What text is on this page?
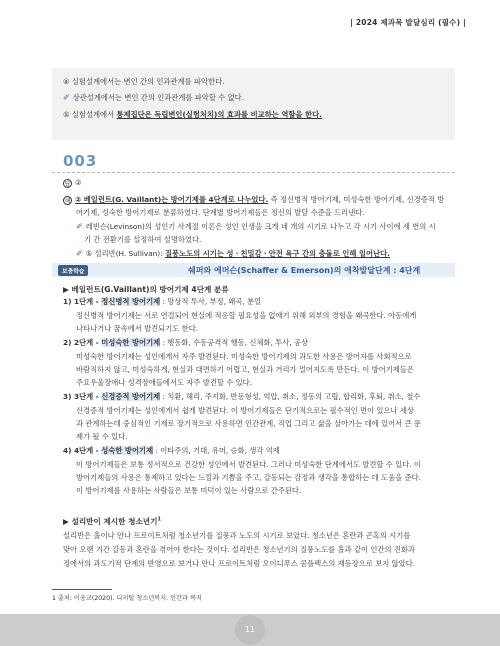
| 2024 제과목 발달심리 (필수) |
④ 실험설계에서는 변인 간의 인과관계를 파악한다.
✐ 상관설계에서는 변인 간의 인과관계를 파악할 수 없다.
⑤ 실험설계에서 통제집단은 독립변인(실험처치)의 효과를 비교하는 역할을 한다.
003
답 ②
해 ② 베일런트(G. Vaillant)는 방어기제를 4단계로 나누었다. 즉 정신병적 방어기제, 미성숙한 방어기제, 신경증적 방
어기제, 성숙한 방어기제로 분류하였다. 단계별 방어기제들은 정신의 발달 수준을 드러낸다.
✐ 레빈슨(Levinson)의 성인기 사계절 이론은 성인 인생을 크게 네 개의 시기로 나누고 각 시기 사이에 세 번의 시
기 간 전환기를 설정하여 설명하였다.
✐ ⑤ 설리반(H. Sullivan): 질풍노도의 시기는 성ㆍ친밀감ㆍ안전 욕구 간의 충돌로 인해 일어난다.
보충학습	쉐퍼와 에머슨(Schaffer & Emerson)의 애착발달단계 : 4단계
▶ 베일런트(G.Vaillant)의 방어기제 4단계 분류
1) 1단계 - 정신병적 방어기제 : 망상적 투사, 부정, 왜곡, 분열
정신병적 방어기제는 서로 연결되어 현실에 적응할 필요성을 없애기 위해 외부의 경험을 왜곡한다. 아동에게
나타나거나 꿈속에서 발견되기도 한다.
2) 2단계 - 미성숙한 방어기제 : 행동화, 수동공격적 행동, 신체화, 투사, 공상
미성숙한 방어기제는 성인에게서 자주 발견된다. 미성숙한 방어기제의 과도한 사용은 방어자를 사회적으로
바람직하지 않고, 미성숙하게, 현실과 대면하기 어렵고, 현실과 거리가 멀어지도록 만든다. 이 방어기제들은
주요우울장애나 성격장애들에서도 자주 발견할 수 있다.
3) 3단계 - 신경증적 방어기제 : 치환, 해리, 주지화, 반동형성, 억압, 취소, 정동의 고립, 합리화, 후퇴, 취소, 철수
신경증적 방어기제는 성인에게서 쉽게 발견된다. 이 방어기제들은 단기적으로는 필수적인 면이 있으나 세상
과 관계하는데 중심적인 기제로 장기적으로 사용하면 인간관계, 직업 그리고 삶을 살아가는 데에 있어서 큰 문
제가 될 수 있다.
4) 4단계 - 성숙한 방어기제 : 이타주의, 기대, 유머, 승화, 생각 억제
이 방어기제들은 보통 정서적으로 건강한 성인에서 발견된다. 그러나 미성숙한 단계에서도 발견할 수 있다. 이
방어기제들의 사용은 통제하고 있다는 느낌과 기쁨을 주고, 갈등되는 감정과 생각을 통합하는 데 도움을 준다.
이 방어기제를 사용하는 사람들은 보통 미덕이 있는 사람으로 간주된다.
▶ 설리반이 제시한 청소년기$^1$
설리반은 홀이나 안나 프로이트처럼 청소년기를 질풍과 노도의 시기로 보았다. 청소년은 혼란과 곤혹의 시기를
맞아 오랜 기간 갈등과 혼란을 겪어야 한다는 것이다. 설리반은 청소년기의 질풍노도를 홀과 같이 인간의 진화과
정에서의 과도기적 단계의 반영으로 보거나 안나 프로이트처럼 오이디푸스 콤플렉스의 재등장으로 보지 않았다.
1 출처: 이웅교(2020). 디지털 청소년복지. 인간과 복지
11
